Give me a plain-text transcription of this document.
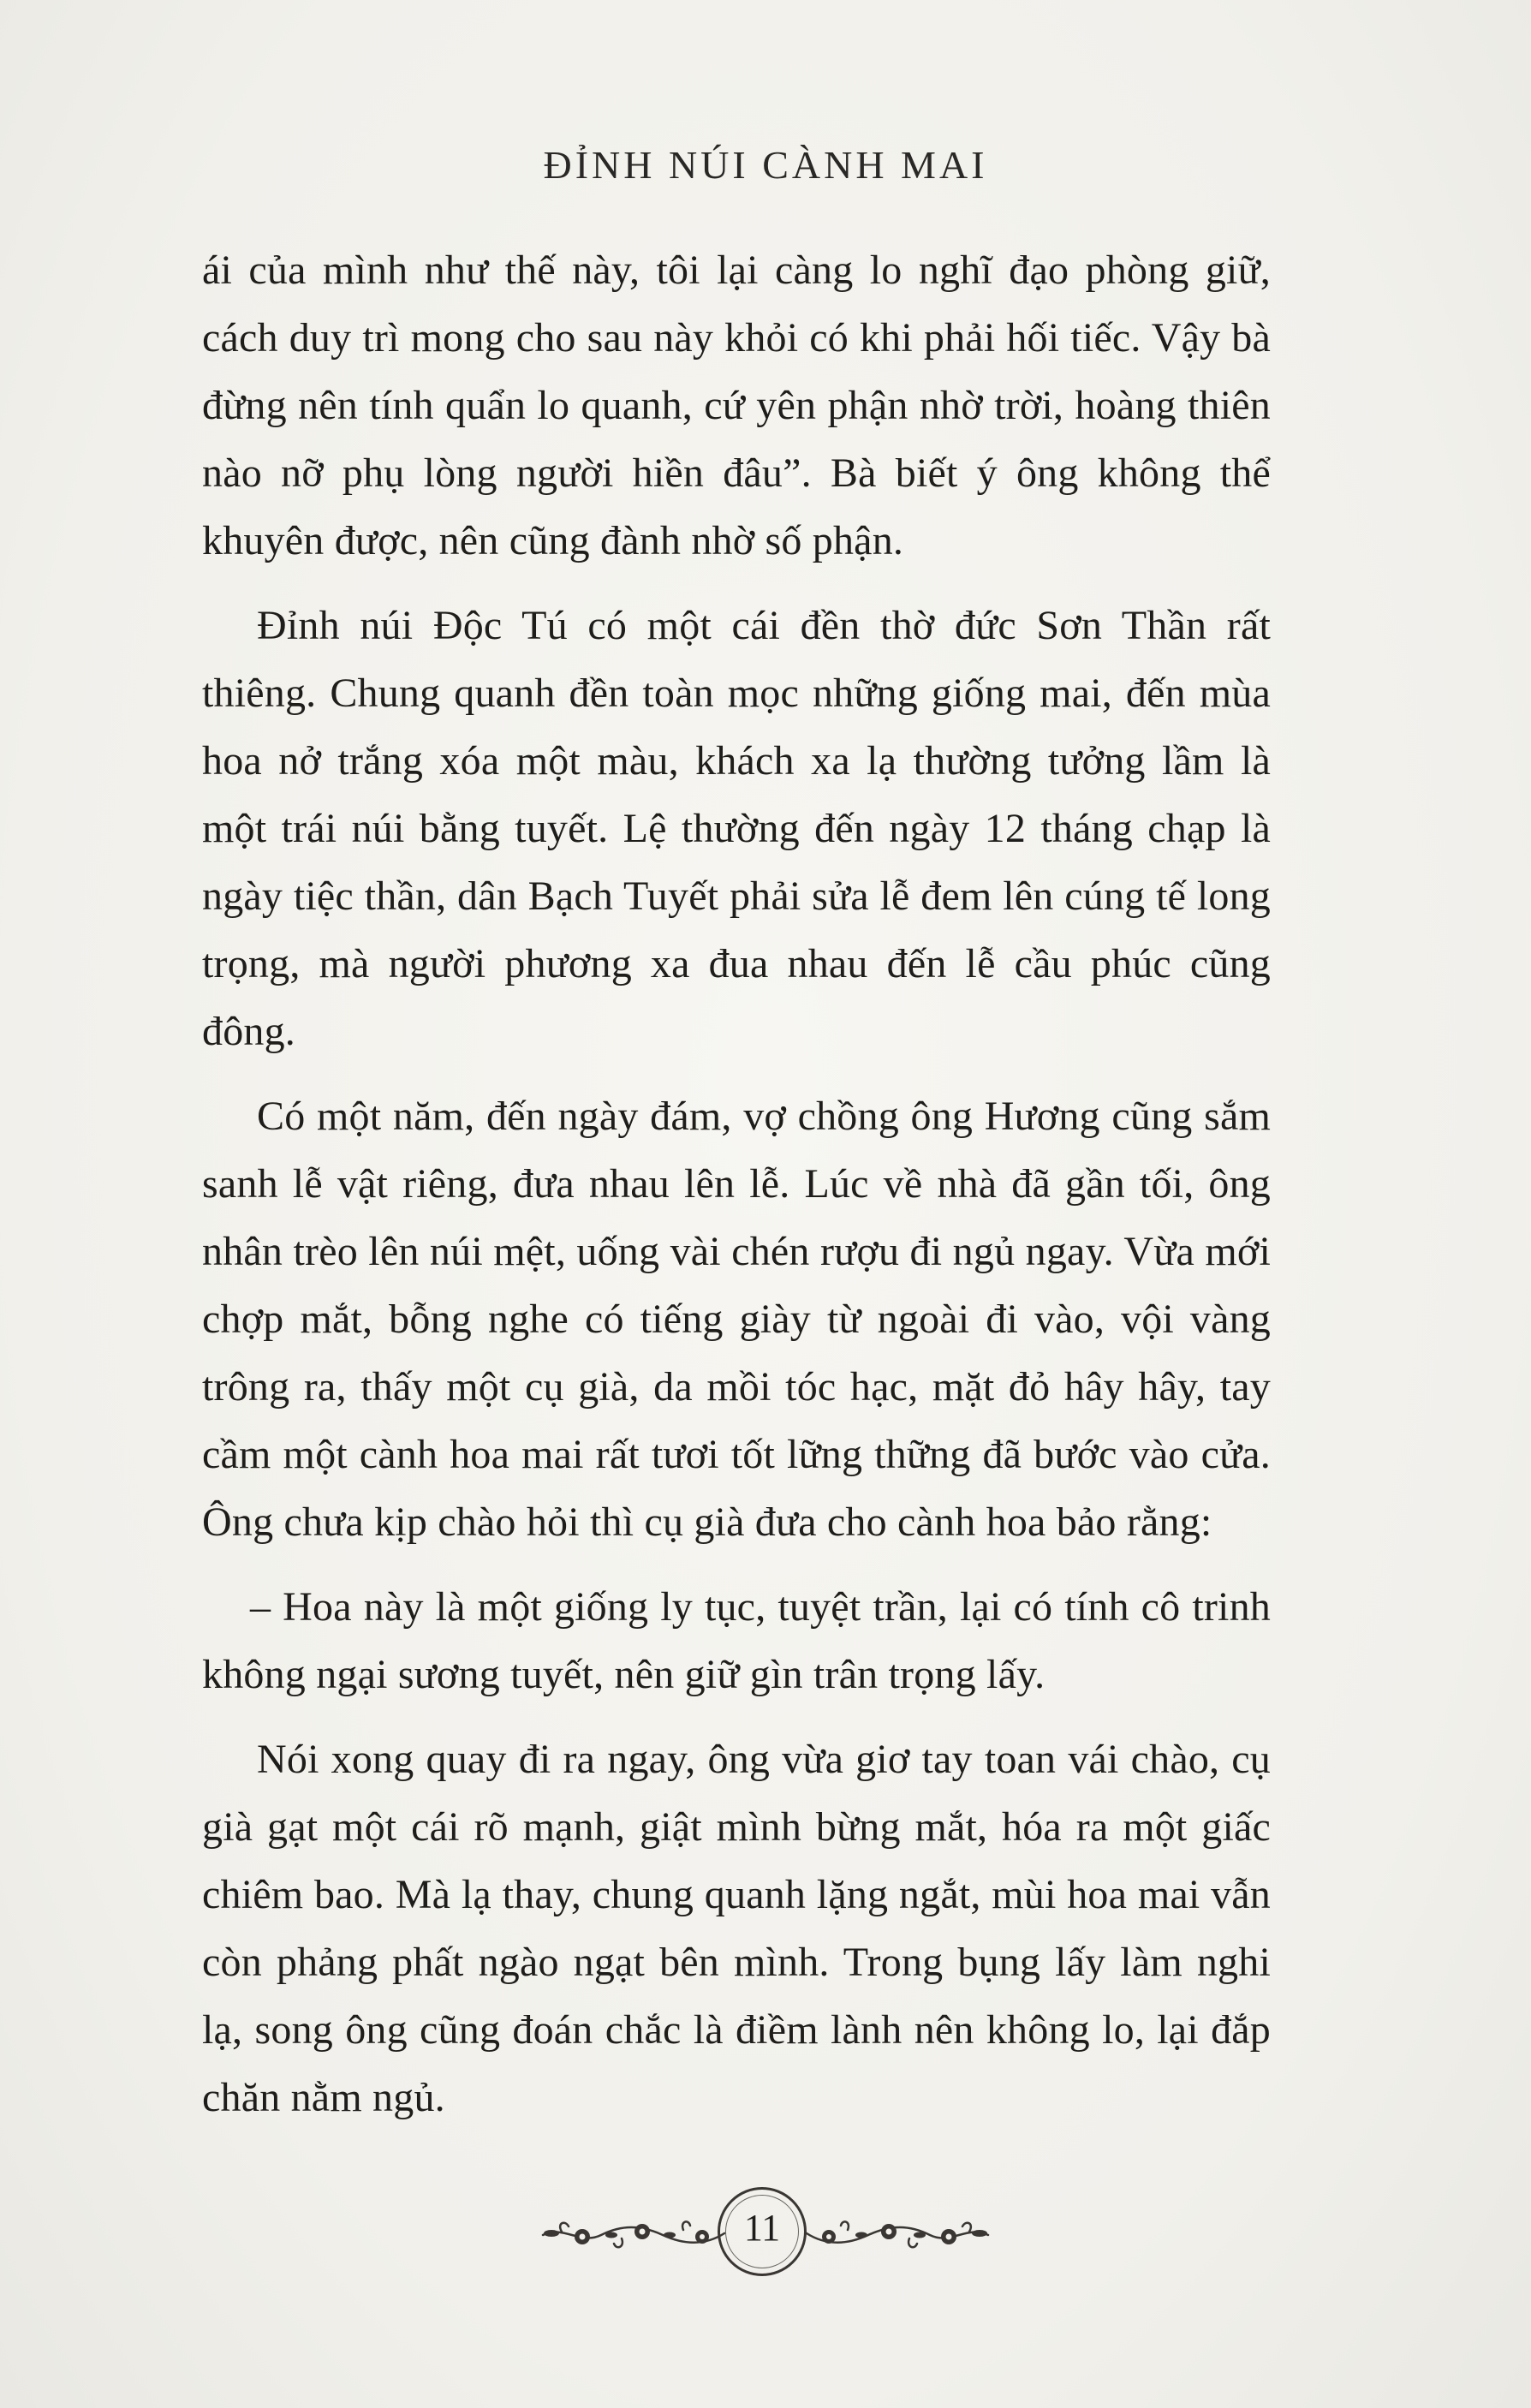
ĐỈNH NÚI CÀNH MAI

ái của mình như thế này, tôi lại càng lo nghĩ đạo phòng giữ, cách duy trì mong cho sau này khỏi có khi phải hối tiếc. Vậy bà đừng nên tính quẩn lo quanh, cứ yên phận nhờ trời, hoàng thiên nào nỡ phụ lòng người hiền đâu”. Bà biết ý ông không thể khuyên được, nên cũng đành nhờ số phận.

Đỉnh núi Độc Tú có một cái đền thờ đức Sơn Thần rất thiêng. Chung quanh đền toàn mọc những giống mai, đến mùa hoa nở trắng xóa một màu, khách xa lạ thường tưởng lầm là một trái núi bằng tuyết. Lệ thường đến ngày 12 tháng chạp là ngày tiệc thần, dân Bạch Tuyết phải sửa lễ đem lên cúng tế long trọng, mà người phương xa đua nhau đến lễ cầu phúc cũng đông.

Có một năm, đến ngày đám, vợ chồng ông Hương cũng sắm sanh lễ vật riêng, đưa nhau lên lễ. Lúc về nhà đã gần tối, ông nhân trèo lên núi mệt, uống vài chén rượu đi ngủ ngay. Vừa mới chợp mắt, bỗng nghe có tiếng giày từ ngoài đi vào, vội vàng trông ra, thấy một cụ già, da mồi tóc hạc, mặt đỏ hây hây, tay cầm một cành hoa mai rất tươi tốt lững thững đã bước vào cửa. Ông chưa kịp chào hỏi thì cụ già đưa cho cành hoa bảo rằng:

– Hoa này là một giống ly tục, tuyệt trần, lại có tính cô trinh không ngại sương tuyết, nên giữ gìn trân trọng lấy.

Nói xong quay đi ra ngay, ông vừa giơ tay toan vái chào, cụ già gạt một cái rõ mạnh, giật mình bừng mắt, hóa ra một giấc chiêm bao. Mà lạ thay, chung quanh lặng ngắt, mùi hoa mai vẫn còn phảng phất ngào ngạt bên mình. Trong bụng lấy làm nghi lạ, song ông cũng đoán chắc là điềm lành nên không lo, lại đắp chăn nằm ngủ.

11
